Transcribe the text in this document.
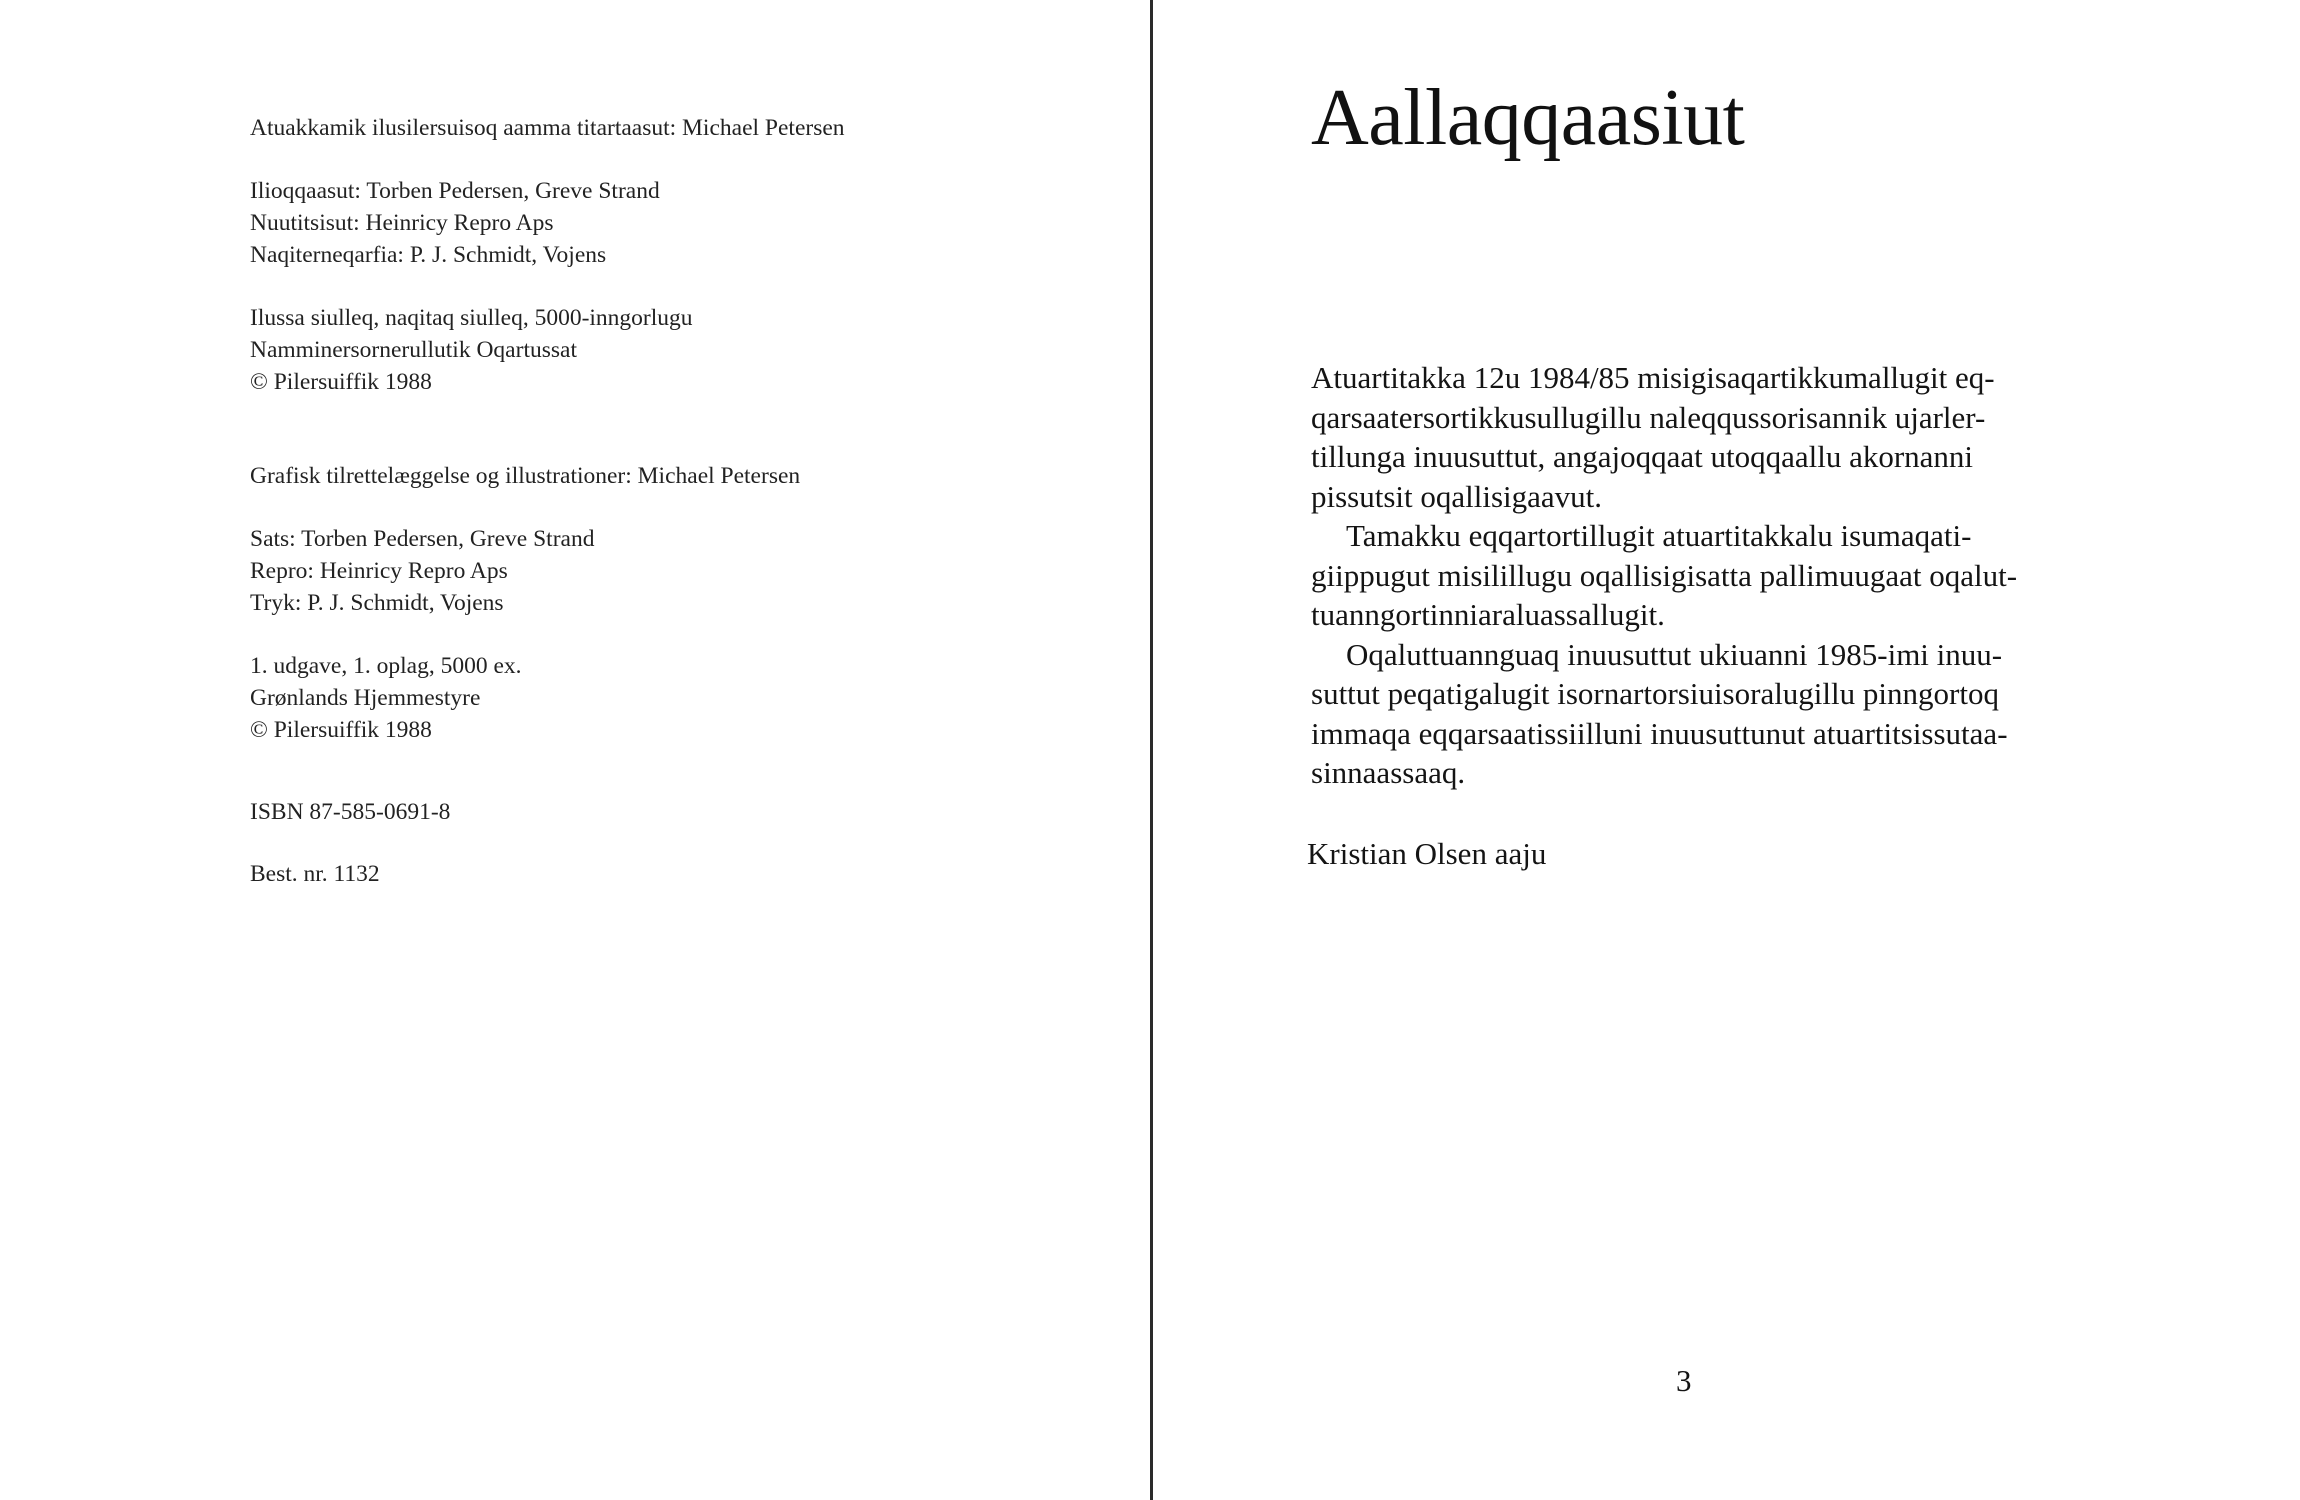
Atuakkamik ilusilersuisoq aamma titartaasut: Michael Petersen
Ilioqqaasut: Torben Pedersen, Greve Strand
Nuutitsisut: Heinricy Repro Aps
Naqiterneqarfia: P. J. Schmidt, Vojens
Ilussa siulleq, naqitaq siulleq, 5000-inngorlugu
Namminersornerullutik Oqartussat
© Pilersuiffik 1988
Grafisk tilrettelæggelse og illustrationer: Michael Petersen
Sats: Torben Pedersen, Greve Strand
Repro: Heinricy Repro Aps
Tryk: P. J. Schmidt, Vojens
1. udgave, 1. oplag, 5000 ex.
Grønlands Hjemmestyre
© Pilersuiffik 1988
ISBN 87-585-0691-8
Best. nr. 1132
Aallaqqaasiut

Atuartitakka 12u 1984/85 misigisaqartikkumallugit eq-
qarsaatersortikkusullugillu naleqqussorisannik ujarler-
tillunga inuusuttut, angajoqqaat utoqqaallu akornanni
pissutsit oqallisigaavut.

Tamakku eqqartortillugit atuartitakkalu isumaqati-
giippugut misilillugu oqallisigisatta pallimuugaat oqalut-
tuanngortinniaraluassallugit.

Oqaluttuannguaq inuusuttut ukiuanni 1985-imi inuu-
suttut peqatigalugit isornartorsiuisoralugillu pinngortoq
immaqa eqqarsaatissiilluni inuusuttunut atuartitsissutaa-
sinnaassaaq.

Kristian Olsen aaju

3
